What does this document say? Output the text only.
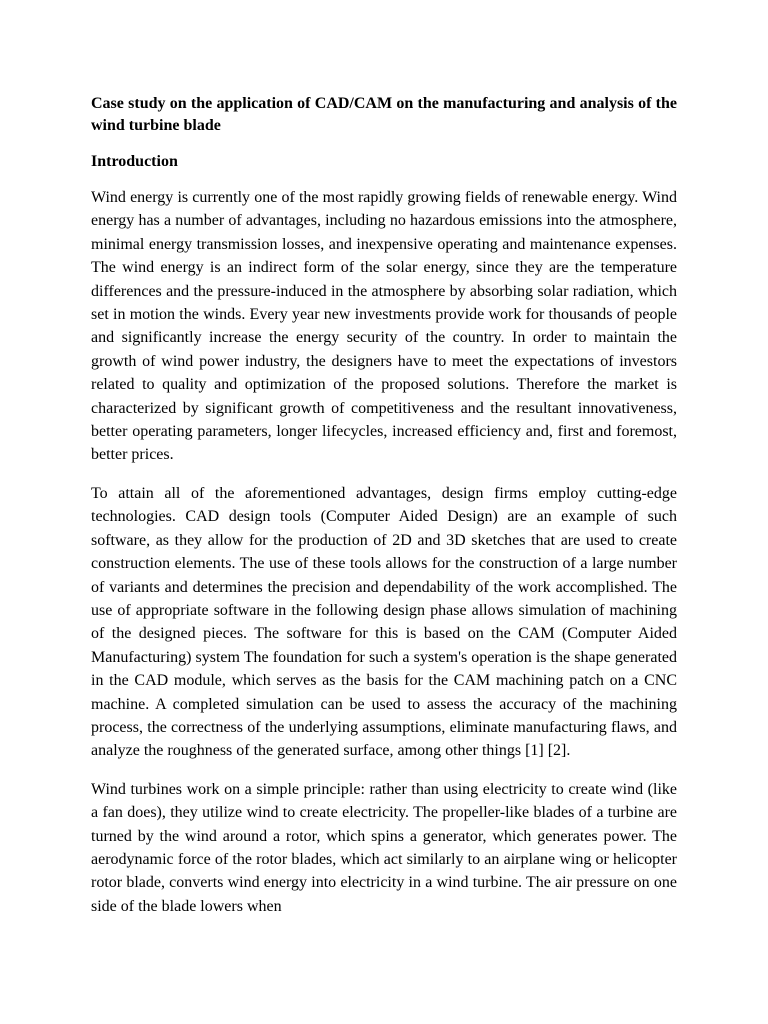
Case study on the application of CAD/CAM on the manufacturing and analysis of the wind turbine blade
Introduction

Wind energy is currently one of the most rapidly growing fields of renewable energy. Wind energy has a number of advantages, including no hazardous emissions into the atmosphere, minimal energy transmission losses, and inexpensive operating and maintenance expenses. The wind energy is an indirect form of the solar energy, since they are the temperature differences and the pressure-induced in the atmosphere by absorbing solar radiation, which set in motion the winds. Every year new investments provide work for thousands of people and significantly increase the energy security of the country. In order to maintain the growth of wind power industry, the designers have to meet the expectations of investors related to quality and optimization of the proposed solutions. Therefore the market is characterized by significant growth of competitiveness and the resultant innovativeness, better operating parameters, longer lifecycles, increased efficiency and, first and foremost, better prices.

To attain all of the aforementioned advantages, design firms employ cutting-edge technologies. CAD design tools (Computer Aided Design) are an example of such software, as they allow for the production of 2D and 3D sketches that are used to create construction elements. The use of these tools allows for the construction of a large number of variants and determines the precision and dependability of the work accomplished. The use of appropriate software in the following design phase allows simulation of machining of the designed pieces. The software for this is based on the CAM (Computer Aided Manufacturing) system The foundation for such a system's operation is the shape generated in the CAD module, which serves as the basis for the CAM machining patch on a CNC machine. A completed simulation can be used to assess the accuracy of the machining process, the correctness of the underlying assumptions, eliminate manufacturing flaws, and analyze the roughness of the generated surface, among other things [1] [2].

Wind turbines work on a simple principle: rather than using electricity to create wind (like a fan does), they utilize wind to create electricity. The propeller-like blades of a turbine are turned by the wind around a rotor, which spins a generator, which generates power. The aerodynamic force of the rotor blades, which act similarly to an airplane wing or helicopter rotor blade, converts wind energy into electricity in a wind turbine. The air pressure on one side of the blade lowers when
